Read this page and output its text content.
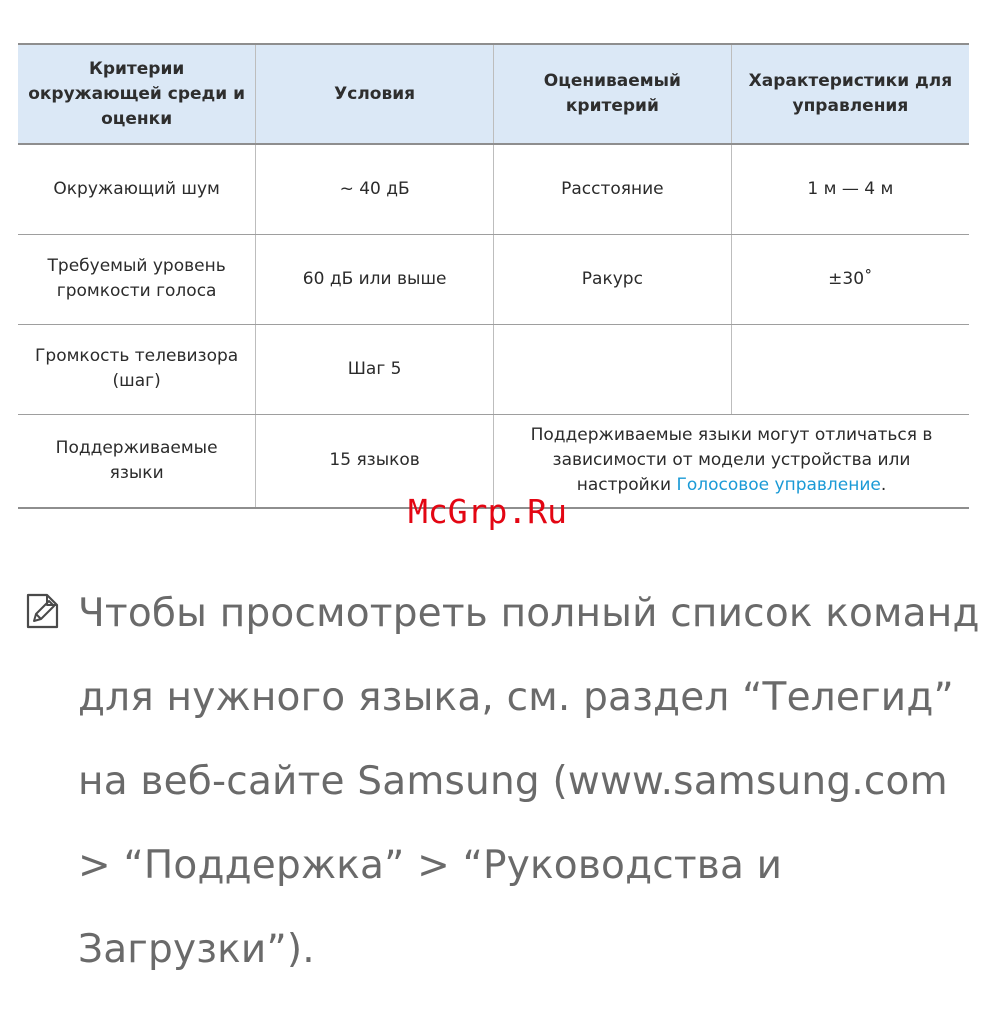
Критерии окружающей среди и оценки	Условия	Оцениваемый критерий	Характеристики для управления
Окружающий шум	~ 40 дБ	Расстояние	1 м — 4 м
Требуемый уровень громкости голоса	60 дБ или выше	Ракурс	±30˚
Громкость телевизора (шаг)	Шаг 5		
Поддерживаемые языки	15 языков	Поддерживаемые языки могут отличаться в зависимости от модели устройства или настройки Голосовое управление.	
McGrp.Ru
Чтобы просмотреть полный список команд для нужного языка, см. раздел “Телегид” на веб-сайте Samsung (www.samsung.com > “Поддержка” > “Руководства и Загрузки”).
